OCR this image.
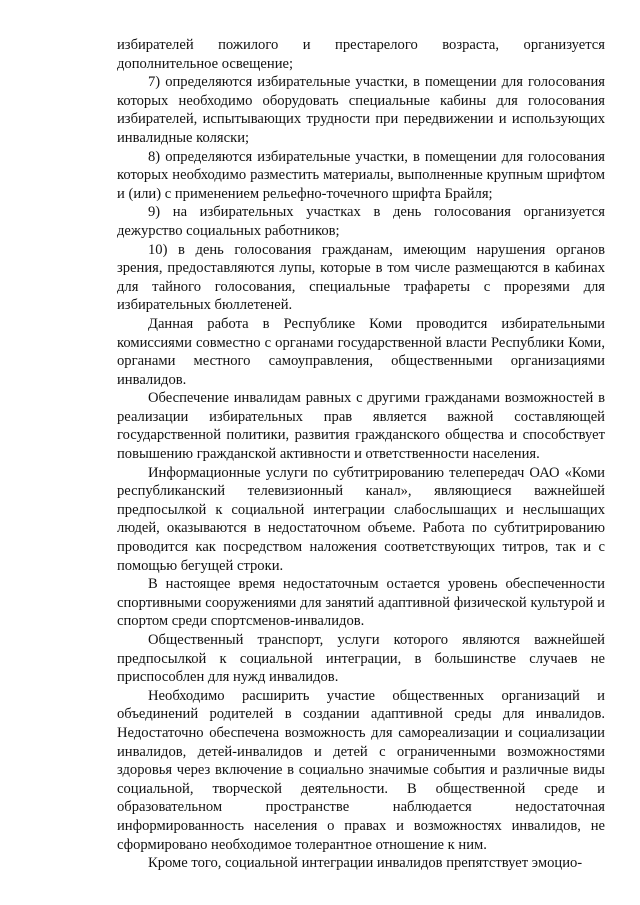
избирателей пожилого и престарелого возраста, организуется дополнительное освещение;

7) определяются избирательные участки, в помещении для голосования которых необходимо оборудовать специальные кабины для голосования избирателей, испытывающих трудности при передвижении и использующих инвалидные коляски;

8) определяются избирательные участки, в помещении для голосования которых необходимо разместить материалы, выполненные крупным шрифтом и (или) с применением рельефно-точечного шрифта Брайля;

9) на избирательных участках в день голосования организуется дежурство социальных работников;

10) в день голосования гражданам, имеющим нарушения органов зрения, предоставляются лупы, которые в том числе размещаются в кабинах для тайного голосования, специальные трафареты с прорезями для избирательных бюллетеней.

Данная работа в Республике Коми проводится избирательными комиссиями совместно с органами государственной власти Республики Коми, органами местного самоуправления, общественными организациями инвалидов.

Обеспечение инвалидам равных с другими гражданами возможностей в реализации избирательных прав является важной составляющей государственной политики, развития гражданского общества и способствует повышению гражданской активности и ответственности населения.

Информационные услуги по субтитрированию телепередач ОАО «Коми республиканский телевизионный канал», являющиеся важнейшей предпосылкой к социальной интеграции слабослышащих и неслышащих людей, оказываются в недостаточном объеме. Работа по субтитрированию проводится как посредством наложения соответствующих титров, так и с помощью бегущей строки.

В настоящее время недостаточным остается уровень обеспеченности спортивными сооружениями для занятий адаптивной физической культурой и спортом среди спортсменов-инвалидов.

Общественный транспорт, услуги которого являются важнейшей предпосылкой к социальной интеграции, в большинстве случаев не приспособлен для нужд инвалидов.

Необходимо расширить участие общественных организаций и объединений родителей в создании адаптивной среды для инвалидов. Недостаточно обеспечена возможность для самореализации и социализации инвалидов, детей-инвалидов и детей с ограниченными возможностями здоровья через включение в социально значимые события и различные виды социальной, творческой деятельности. В общественной среде и образовательном пространстве наблюдается недостаточная информированность населения о правах и возможностях инвалидов, не сформировано необходимое толерантное отношение к ним.

Кроме того, социальной интеграции инвалидов препятствует эмоцио-
